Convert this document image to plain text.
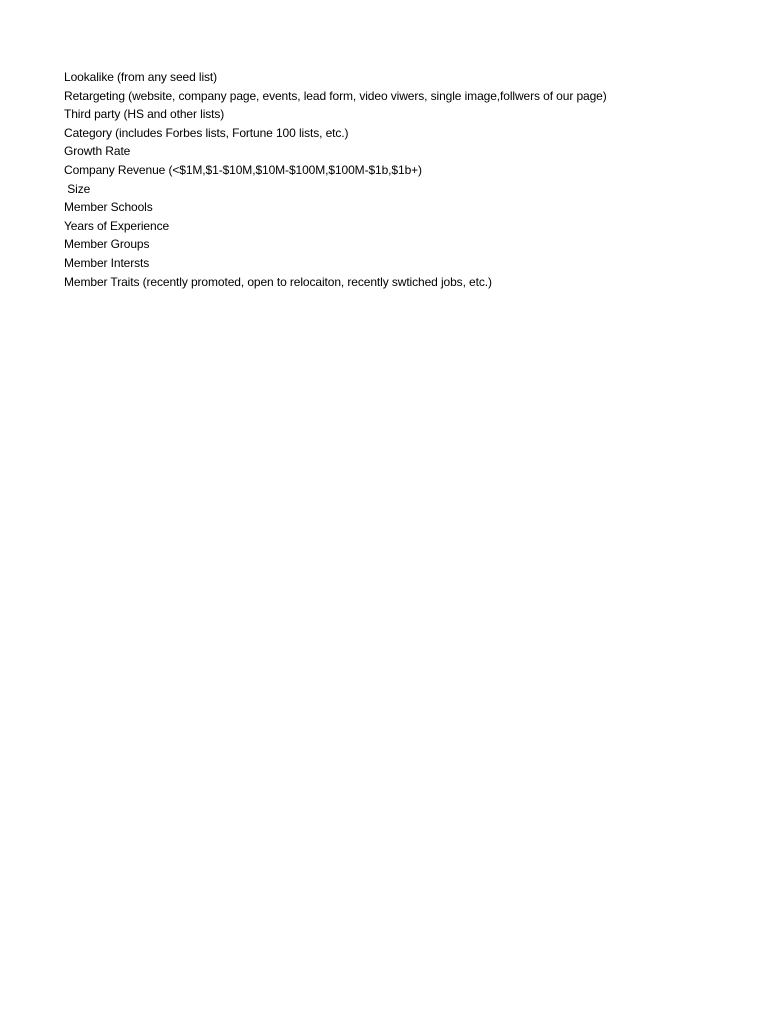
Lookalike (from any seed list)
Retargeting (website, company page, events, lead form, video viwers, single image,follwers of our page)
Third party (HS and other lists)
Category (includes Forbes lists, Fortune 100 lists, etc.)
Growth Rate
Company Revenue (<$1M,$1-$10M,$10M-$100M,$100M-$1b,$1b+)
Size
Member Schools
Years of Experience
Member Groups
Member Intersts
Member Traits (recently promoted, open to relocaiton, recently swtiched jobs, etc.)
